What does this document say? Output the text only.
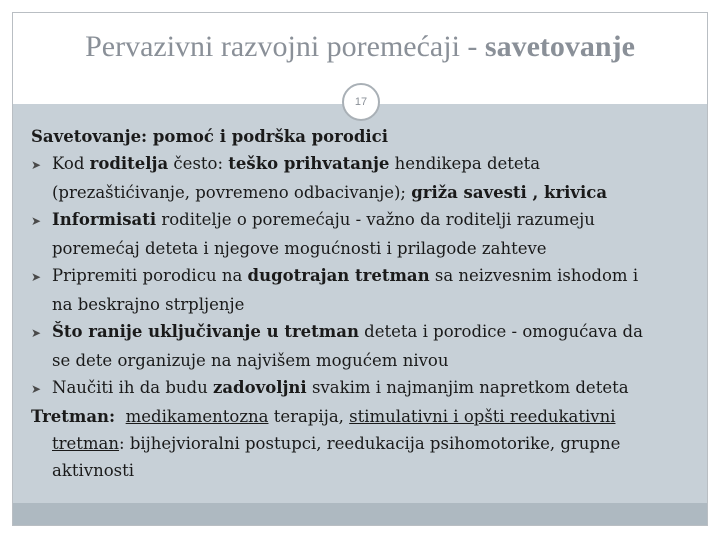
Pervazivni razvojni poremećaji - savetovanje
17
Savetovanje: pomoć i podrška porodici
➤ Kod roditelja često: teško prihvatanje hendikepa deteta
(prezaštićivanje, povremeno odbacivanje); griža savesti , krivica
➤ Informisati roditelje o poremećaju - važno da roditelji razumeju
poremećaj deteta i njegove mogućnosti i prilagode zahteve
➤ Pripremiti porodicu na dugotrajan tretman sa neizvesnim ishodom i
na beskrajno strpljenje
➤ Što ranije uključivanje u tretman deteta i porodice - omogućava da
se dete organizuje na najvišem mogućem nivou
➤ Naučiti ih da budu zadovoljni svakim i najmanjim napretkom deteta
Tretman: medikamentozna terapija, stimulativni i opšti reedukativni
tretman: bijhejvioralni postupci, reedukacija psihomotorike, grupne
aktivnosti
